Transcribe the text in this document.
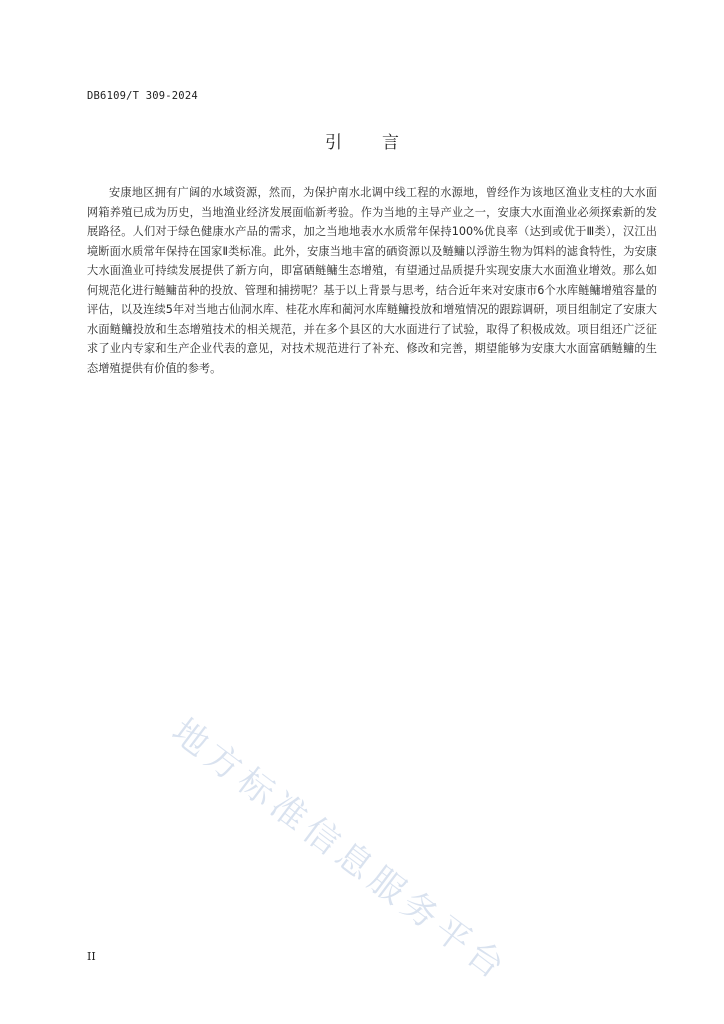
DB6109/T 309-2024
引 言

安康地区拥有广阔的水域资源，然而，为保护南水北调中线工程的水源地，曾经作为该地区渔业支柱的大水面网箱养殖已成为历史，当地渔业经济发展面临新考验。作为当地的主导产业之一，安康大水面渔业必须探索新的发展路径。人们对于绿色健康水产品的需求，加之当地地表水水质常年保持100%优良率（达到或优于Ⅲ类），汉江出境断面水质常年保持在国家Ⅱ类标准。此外，安康当地丰富的硒资源以及鲢鳙以浮游生物为饵料的滤食特性，为安康大水面渔业可持续发展提供了新方向，即富硒鲢鳙生态增殖，有望通过品质提升实现安康大水面渔业增效。那么如何规范化进行鲢鳙苗种的投放、管理和捕捞呢？基于以上背景与思考，结合近年来对安康市6个水库鲢鳙增殖容量的评估，以及连续5年对当地古仙洞水库、桂花水库和蔺河水库鲢鳙投放和增殖情况的跟踪调研，项目组制定了安康大水面鲢鳙投放和生态增殖技术的相关规范，并在多个县区的大水面进行了试验，取得了积极成效。项目组还广泛征求了业内专家和生产企业代表的意见，对技术规范进行了补充、修改和完善，期望能够为安康大水面富硒鲢鳙的生态增殖提供有价值的参考。

地方标准信息服务平台
II
